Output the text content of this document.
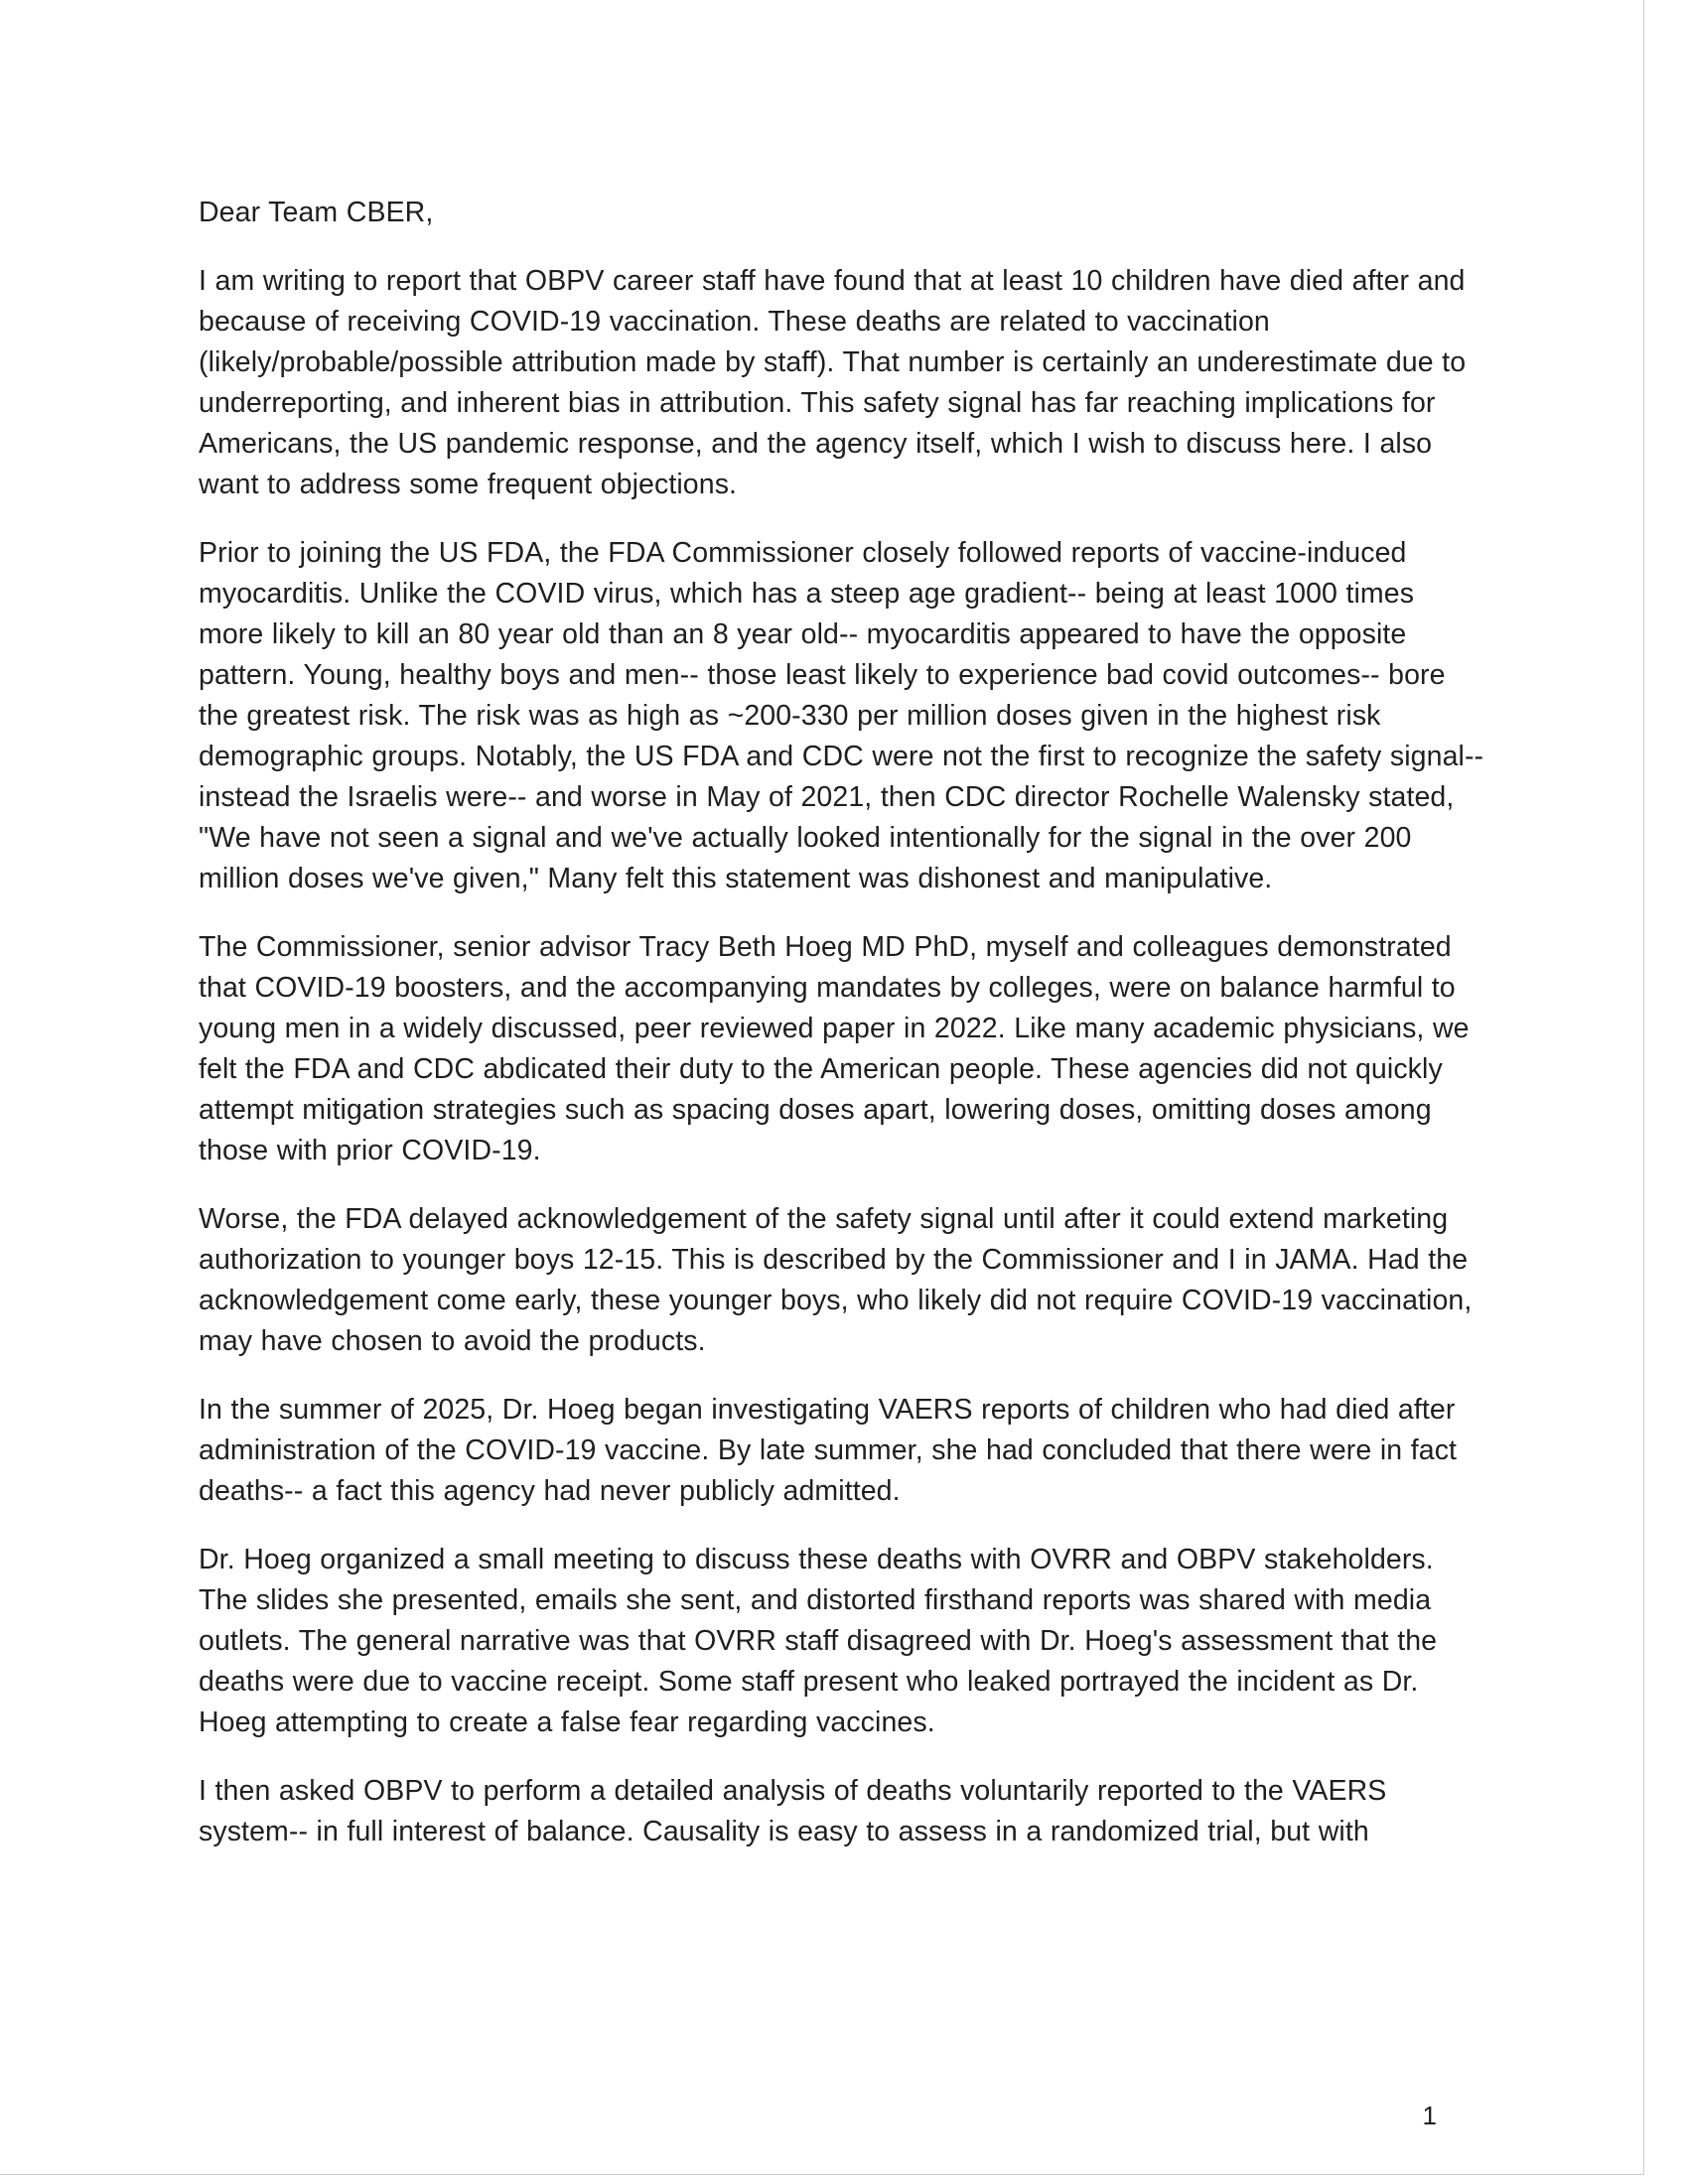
Dear Team CBER,

I am writing to report that OBPV career staff have found that at least 10 children have died after and because of receiving COVID-19 vaccination. These deaths are related to vaccination (likely/probable/possible attribution made by staff). That number is certainly an underestimate due to underreporting, and inherent bias in attribution. This safety signal has far reaching implications for Americans, the US pandemic response, and the agency itself, which I wish to discuss here. I also want to address some frequent objections.

Prior to joining the US FDA, the FDA Commissioner closely followed reports of vaccine-induced myocarditis. Unlike the COVID virus, which has a steep age gradient-- being at least 1000 times more likely to kill an 80 year old than an 8 year old-- myocarditis appeared to have the opposite pattern. Young, healthy boys and men-- those least likely to experience bad covid outcomes-- bore the greatest risk. The risk was as high as ~200-330 per million doses given in the highest risk demographic groups. Notably, the US FDA and CDC were not the first to recognize the safety signal-- instead the Israelis were-- and worse in May of 2021, then CDC director Rochelle Walensky stated, "We have not seen a signal and we've actually looked intentionally for the signal in the over 200 million doses we've given," Many felt this statement was dishonest and manipulative.

The Commissioner, senior advisor Tracy Beth Hoeg MD PhD, myself and colleagues demonstrated that COVID-19 boosters, and the accompanying mandates by colleges, were on balance harmful to young men in a widely discussed, peer reviewed paper in 2022. Like many academic physicians, we felt the FDA and CDC abdicated their duty to the American people. These agencies did not quickly attempt mitigation strategies such as spacing doses apart, lowering doses, omitting doses among those with prior COVID-19.

Worse, the FDA delayed acknowledgement of the safety signal until after it could extend marketing authorization to younger boys 12-15. This is described by the Commissioner and I in JAMA. Had the acknowledgement come early, these younger boys, who likely did not require COVID-19 vaccination, may have chosen to avoid the products.

In the summer of 2025, Dr. Hoeg began investigating VAERS reports of children who had died after administration of the COVID-19 vaccine. By late summer, she had concluded that there were in fact deaths-- a fact this agency had never publicly admitted.

Dr. Hoeg organized a small meeting to discuss these deaths with OVRR and OBPV stakeholders. The slides she presented, emails she sent, and distorted firsthand reports was shared with media outlets. The general narrative was that OVRR staff disagreed with Dr. Hoeg's assessment that the deaths were due to vaccine receipt. Some staff present who leaked portrayed the incident as Dr. Hoeg attempting to create a false fear regarding vaccines.

I then asked OBPV to perform a detailed analysis of deaths voluntarily reported to the VAERS system-- in full interest of balance. Causality is easy to assess in a randomized trial, but with

1
